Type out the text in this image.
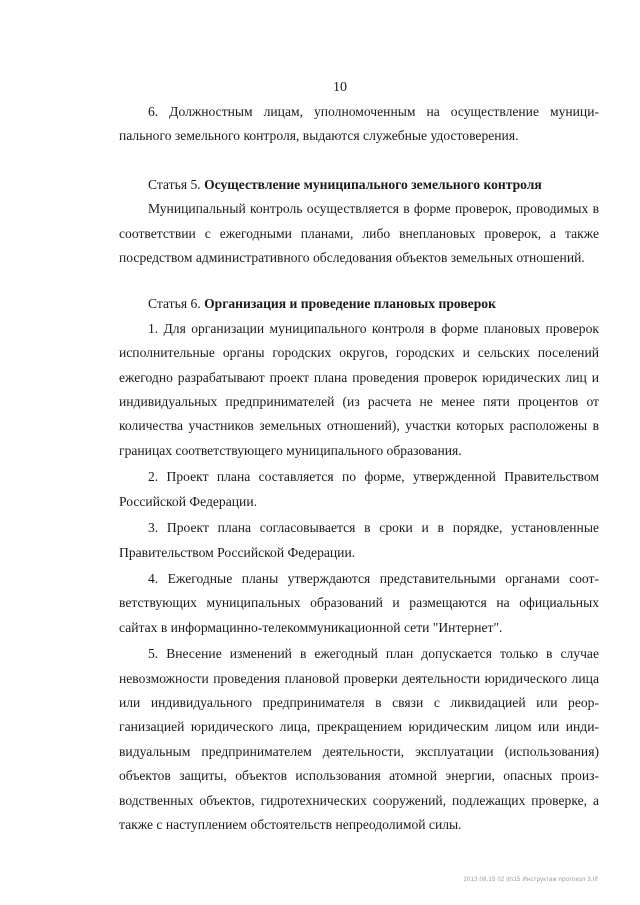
10

6. Должностным лицам, уполномоченным на осуществление муниципального земельного контроля, выдаются служебные удостоверения.

Статья 5. Осуществление муниципального земельного контроля

Муниципальный контроль осуществляется в форме проверок, проводимых в соответствии с ежегодными планами, либо внеплановых проверок, а также посредством административного обследования объектов земельных отношений.

Статья 6. Организация и проведение плановых проверок

1. Для организации муниципального контроля в форме плановых проверок исполнительные органы городских округов, городских и сельских поселений ежегодно разрабатывают проект плана проведения проверок юридических лиц и индивидуальных предпринимателей (из расчета не менее пяти процентов от количества участников земельных отношений), участки которых расположены в границах соответствующего муниципального образования.

2. Проект плана составляется по форме, утвержденной Правительством Российской Федерации.

3. Проект плана согласовывается в сроки и в порядке, установленные Правительством Российской Федерации.

4. Ежегодные планы утверждаются представительными органами соответствующих муниципальных образований и размещаются на официальных сайтах в информацинно-телекоммуникационной сети "Интернет".

5. Внесение изменений в ежегодный план допускается только в случае невозможности проведения плановой проверки деятельности юридического лица или индивидуального предпринимателя в связи с ликвидацией или реорганизацией юридического лица, прекращением юридическим лицом или индивидуальным предпринимателем деятельности, эксплуатации (использования) объектов защиты, объектов использования атомной энергии, опасных производственных объектов, гидротехнических сооружений, подлежащих проверке, а также с наступлением обстоятельств непреодолимой силы.

2013.08.15 02 |tn15 Инструктаж протокол 3.tif
